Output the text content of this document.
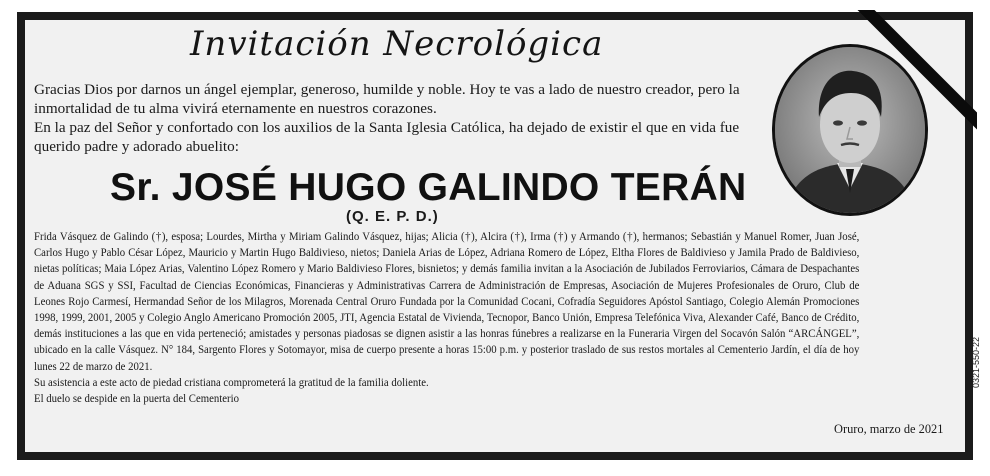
Invitación Necrológica

Gracias Dios por darnos un ángel ejemplar, generoso, humilde y noble. Hoy te vas a lado de nuestro creador, pero la inmortalidad de tu alma vivirá eternamente en nuestros corazones.

En la paz del Señor y confortado con los auxilios de la Santa Iglesia Católica, ha dejado de existir el que en vida fue querido padre y adorado abuelito:

Sr. JOSÉ HUGO GALINDO TERÁN
(Q. E. P. D.)

Frida Vásquez de Galindo (†), esposa; Lourdes, Mirtha y Miriam Galindo Vásquez, hijas; Alicia (†), Alcira (†), Irma (†) y Armando (†), hermanos; Sebastián y Manuel Romer, Juan José, Carlos Hugo y Pablo César López, Mauricio y Martin Hugo Baldivieso, nietos; Daniela Arias de López, Adriana Romero de López, Eltha Flores de Baldivieso y Jamila Prado de Baldivieso, nietas políticas; Maia López Arias, Valentino López Romero y Mario Baldivieso Flores, bisnietos; y demás familia invitan a la Asociación de Jubilados Ferroviarios, Cámara de Despachantes de Aduana SGS y SSI, Facultad de Ciencias Económicas, Financieras y Administrativas Carrera de Administración de Empresas, Asociación de Mujeres Profesionales de Oruro, Club de Leones Rojo Carmesí, Hermandad Señor de los Milagros, Morenada Central Oruro Fundada por la Comunidad Cocani, Cofradía Seguidores Apóstol Santiago, Colegio Alemán Promociones 1998, 1999, 2001, 2005 y Colegio Anglo Americano Promoción 2005, JTI, Agencia Estatal de Vivienda, Tecnopor, Banco Unión, Empresa Telefónica Viva, Alexander Café, Banco de Crédito, demás instituciones a las que en vida perteneció; amistades y personas piadosas se dignen asistir a las honras fúnebres a realizarse en la Funeraria Virgen del Socavón Salón “ARCÁNGEL”, ubicado en la calle Vásquez. N° 184, Sargento Flores y Sotomayor, misa de cuerpo presente a horas 15:00 p.m. y posterior traslado de sus restos mortales al Cementerio Jardín, el día de hoy lunes 22 de marzo de 2021.

Su asistencia a este acto de piedad cristiana comprometerá la gratitud de la familia doliente.

El duelo se despide en la puerta del Cementerio

Oruro, marzo de 2021
0321-550-22
